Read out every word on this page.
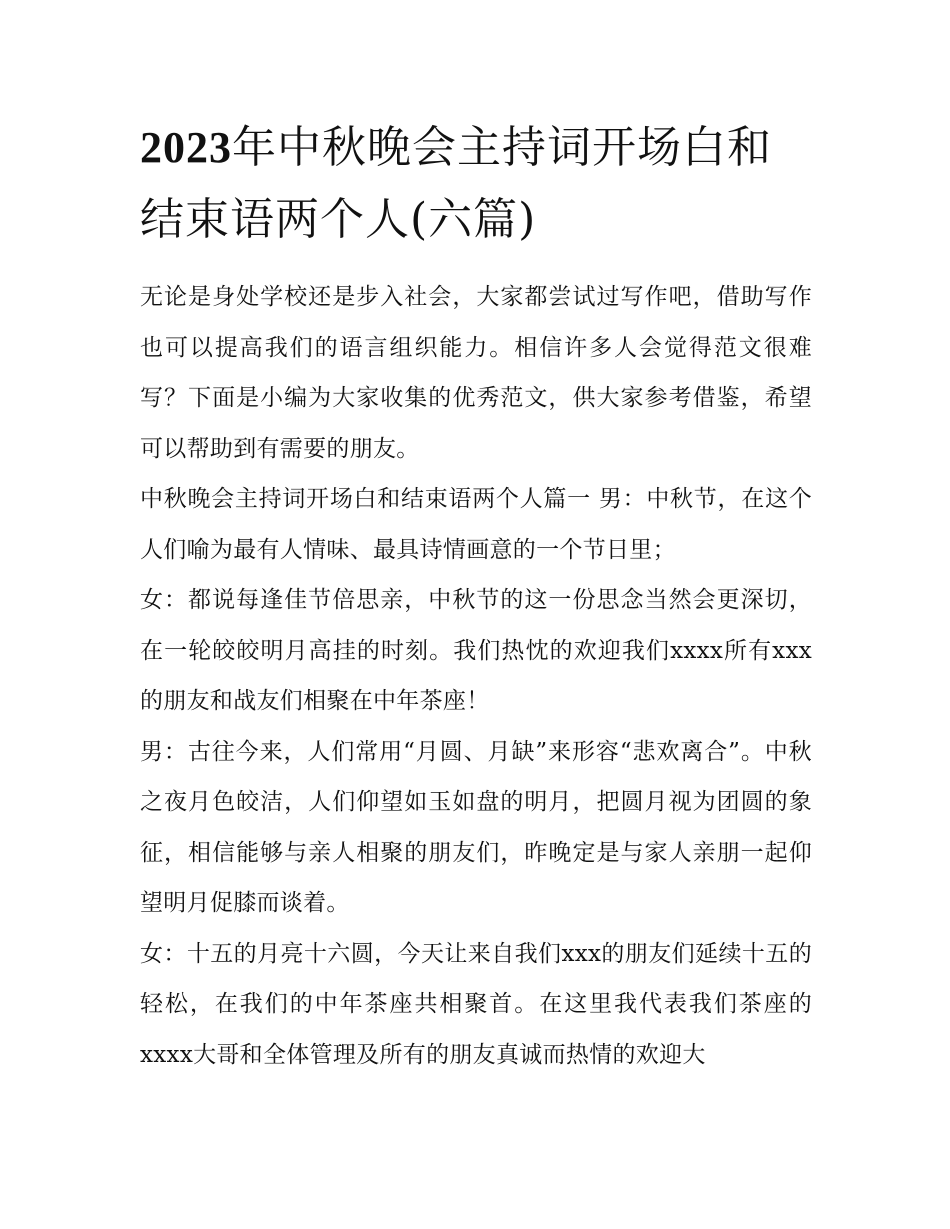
2023年中秋晚会主持词开场白和结束语两个人(六篇)

无论是身处学校还是步入社会，大家都尝试过写作吧，借助写作也可以提高我们的语言组织能力。相信许多人会觉得范文很难写？下面是小编为大家收集的优秀范文，供大家参考借鉴，希望可以帮助到有需要的朋友。

中秋晚会主持词开场白和结束语两个人篇一 男：中秋节，在这个人们喻为最有人情味、最具诗情画意的一个节日里；

女：都说每逢佳节倍思亲，中秋节的这一份思念当然会更深切，在一轮皎皎明月高挂的时刻。我们热忱的欢迎我们xxxx所有xxx的朋友和战友们相聚在中年茶座！

男：古往今来，人们常用“月圆、月缺”来形容“悲欢离合”。中秋之夜月色皎洁，人们仰望如玉如盘的明月，把圆月视为团圆的象征，相信能够与亲人相聚的朋友们，昨晚定是与家人亲朋一起仰望明月促膝而谈着。

女：十五的月亮十六圆，今天让来自我们xxx的朋友们延续十五的轻松，在我们的中年茶座共相聚首。在这里我代表我们茶座的xxxx大哥和全体管理及所有的朋友真诚而热情的欢迎大
